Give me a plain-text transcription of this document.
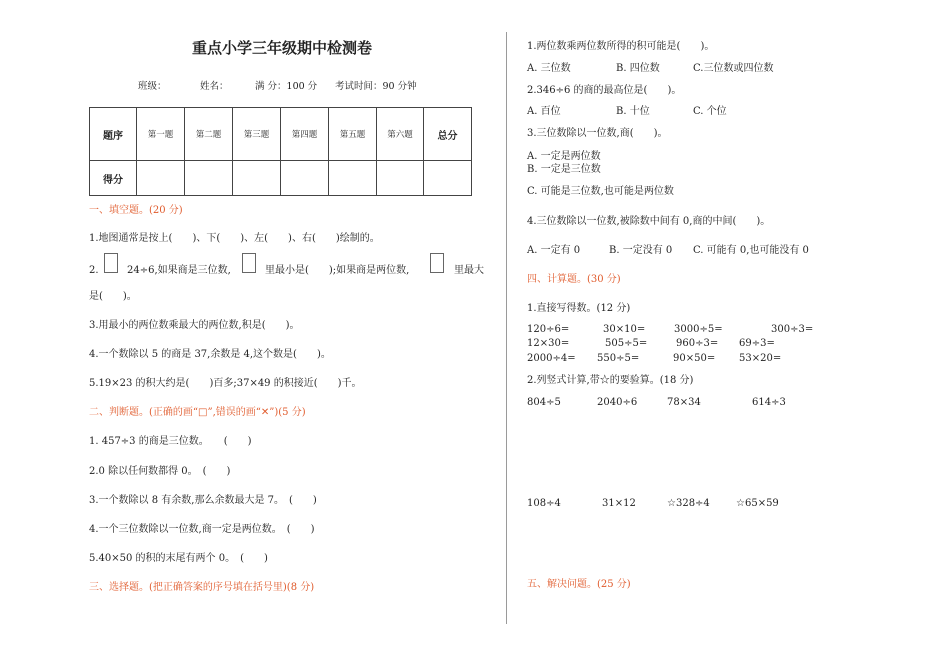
重点小学三年级期中检测卷
班级：	姓名：	满 分：100 分 考试时间：90 分钟
题序	第一题	第二题	第三题	第四题	第五题	第六题	总分
得分							
一、填空题。(20 分)
1.地图通常是按上(　　)、下(　　)、左(　　)、右(　　)绘制的。
2.	24÷6,如果商是三位数,	里最小是(　　);如果商是两位数,	里最大
是(　　)。
3.用最小的两位数乘最大的两位数,积是(　　)。
4.一个数除以 5 的商是 37,余数是 4,这个数是(　　)。
5.19×23 的积大约是(　　)百多;37×49 的积接近(　　)千。
二、判断题。(正确的画“□”,错误的画“✕”)(5 分)
1. 457÷3 的商是三位数。　　(　　)
2.0 除以任何数都得 0。　(　　)
3.一个数除以 8 有余数,那么余数最大是 7。　(　　)
4.一个三位数除以一位数,商一定是两位数。　(　　)
5.40×50 的积的末尾有两个 0。　(　　)
三、选择题。(把正确答案的序号填在括号里)(8 分)
1.两位数乘两位数所得的积可能是(　　)。
A. 三位数	B. 四位数	C.三位数或四位数
2.346÷6 的商的最高位是(　　)。
A. 百位	B. 十位	C. 个位
3.三位数除以一位数,商(　　)。
A. 一定是两位数
B. 一定是三位数
C. 可能是三位数,也可能是两位数
4.三位数除以一位数,被除数中间有 0,商的中间(　　)。
A. 一定有 0	B. 一定没有 0 C. 可能有 0,也可能没有 0
四、计算题。(30 分)
1.直接写得数。(12 分)
120÷6=	30×10=	3000÷5=	300÷3=
12×30=	505÷5=	960÷3= 69÷3=
2000÷4= 550÷5=	90×50= 53×20=
2.列竖式计算,带☆的要验算。(18 分)
804÷5	2040÷6	78×34	614÷3
108÷4	31×12	☆328÷4	☆65×59
五、解决问题。(25 分)
